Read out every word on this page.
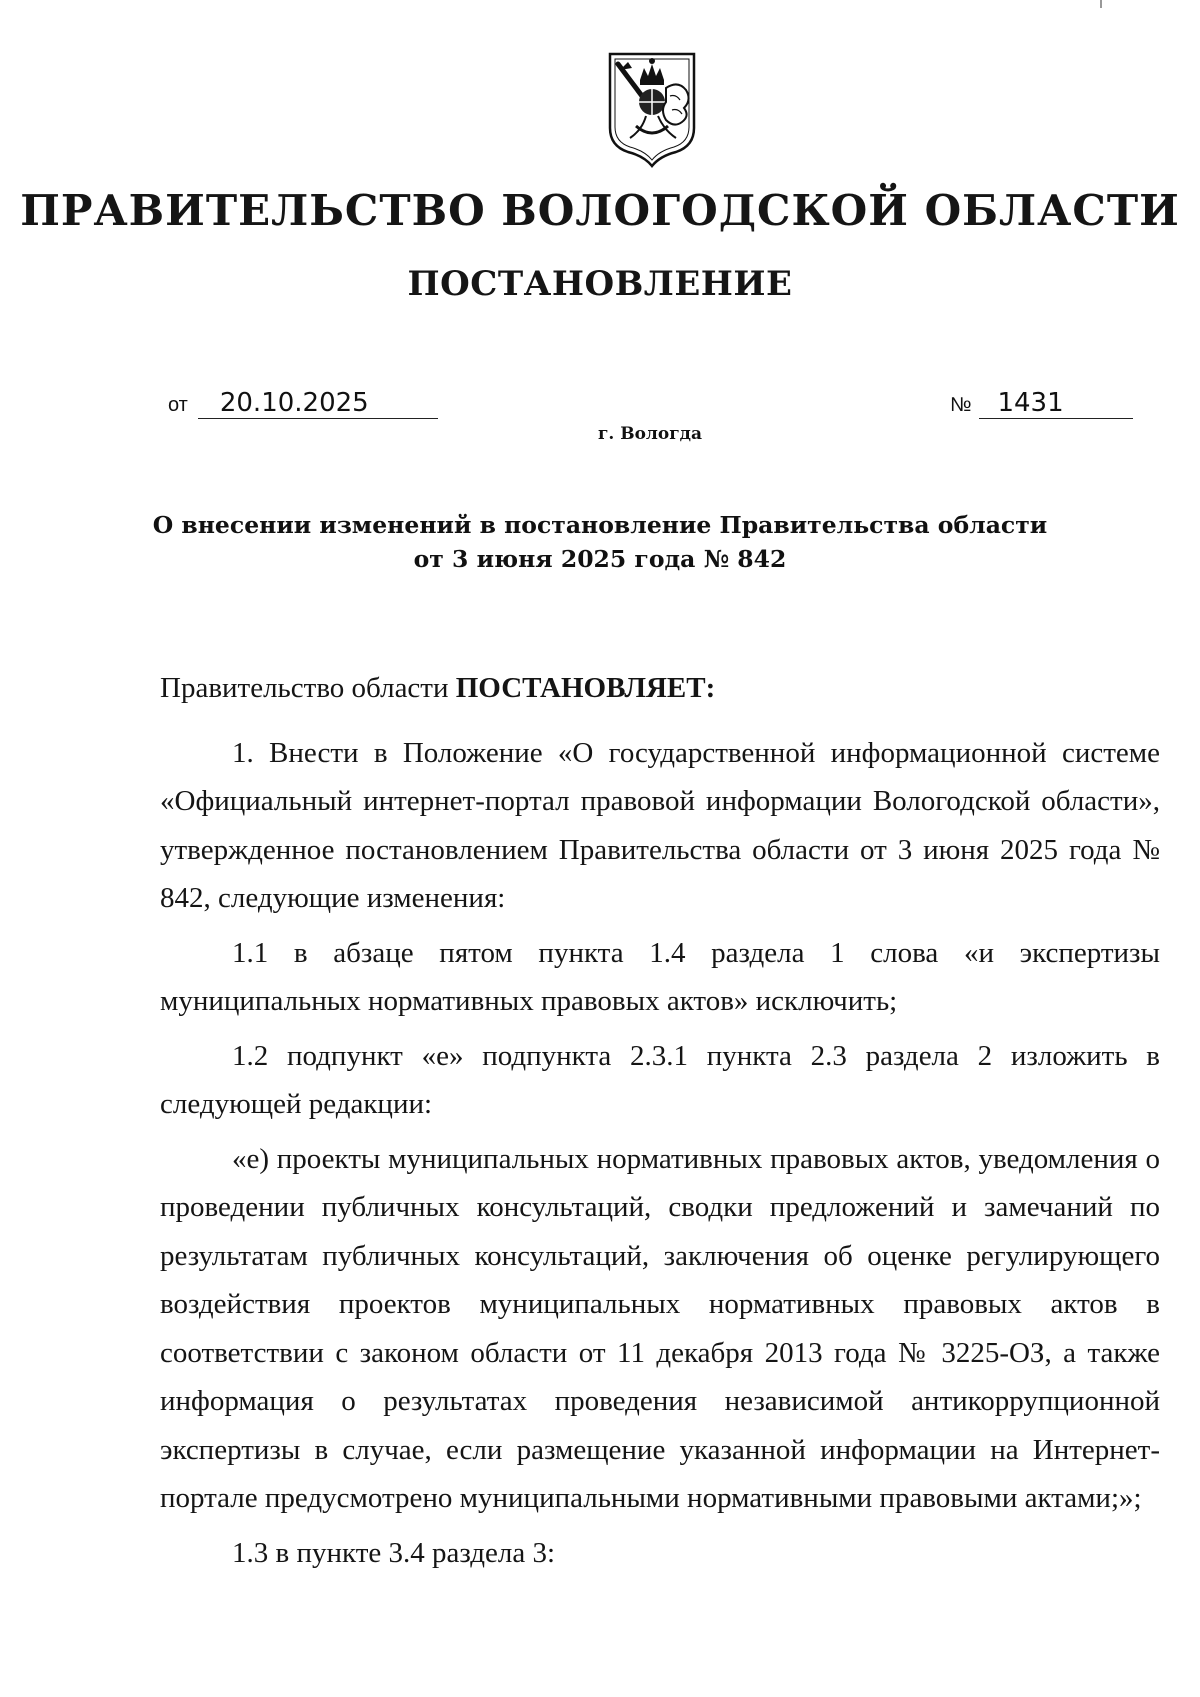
ПРАВИТЕЛЬСТВО ВОЛОГОДСКОЙ ОБЛАСТИ
ПОСТАНОВЛЕНИЕ
от	20.10.2025	№	1431
г. Вологда
О внесении изменений в постановление Правительства области
от 3 июня 2025 года № 842

Правительство области ПОСТАНОВЛЯЕТ:

1. Внести в Положение «О государственной информационной системе «Официальный интернет-портал правовой информации Вологодской области», утвержденное постановлением Правительства области от 3 июня 2025 года № 842, следующие изменения:

1.1 в абзаце пятом пункта 1.4 раздела 1 слова «и экспертизы муниципальных нормативных правовых актов» исключить;

1.2 подпункт «е» подпункта 2.3.1 пункта 2.3 раздела 2 изложить в следующей редакции:

«е) проекты муниципальных нормативных правовых актов, уведомления о проведении публичных консультаций, сводки предложений и замечаний по результатам публичных консультаций, заключения об оценке регулирующего воздействия проектов муниципальных нормативных правовых актов в соответствии с законом области от 11 декабря 2013 года № 3225-ОЗ, а также информация о результатах проведения независимой антикоррупционной экспертизы в случае, если размещение указанной информации на Интернет-портале предусмотрено муниципальными нормативными правовыми актами;»;

1.3 в пункте 3.4 раздела 3:
